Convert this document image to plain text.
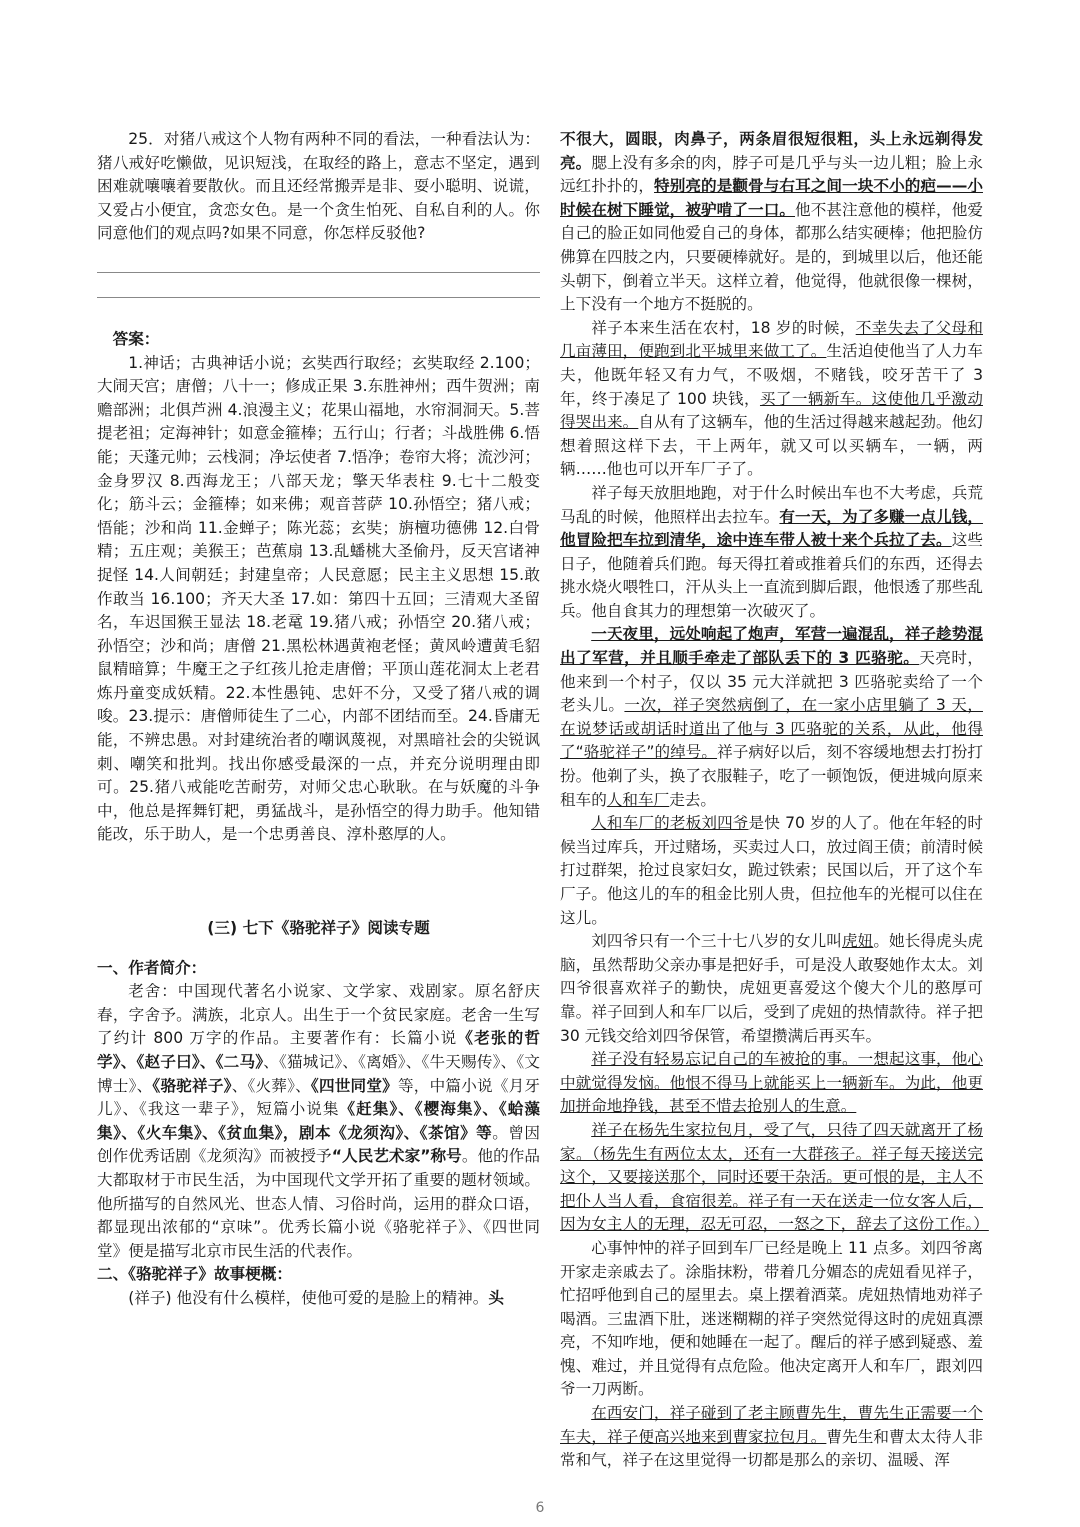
25．对猪八戒这个人物有两种不同的看法，一种看法认为：猪八戒好吃懒做，见识短浅，在取经的路上，意志不坚定，遇到困难就嚷嚷着要散伙。而且还经常搬弄是非、耍小聪明、说谎，又爱占小便宜，贪恋女色。是一个贪生怕死、自私自利的人。你同意他们的观点吗?如果不同意，你怎样反驳他?

答案：

1.神话；古典神话小说；玄奘西行取经；玄奘取经 2.100；大闹天宫；唐僧；八十一；修成正果 3.东胜神州；西牛贺洲；南赡部洲；北俱芦洲 4.浪漫主义；花果山福地，水帘洞洞天。5.菩提老祖；定海神针；如意金箍棒；五行山；行者；斗战胜佛 6.悟能；天蓬元帅；云栈洞；净坛使者 7.悟净；卷帘大将；流沙河；金身罗汉 8.西海龙王；八部天龙；擎天华表柱 9.七十二般变化；筋斗云；金箍棒；如来佛；观音菩萨 10.孙悟空；猪八戒；悟能；沙和尚 11.金蝉子；陈光蕊；玄奘；旃檀功德佛 12.白骨精；五庄观；美猴王；芭蕉扇 13.乱蟠桃大圣偷丹，反天宫诸神捉怪 14.人间朝廷；封建皇帝；人民意愿；民主主义思想 15.敢作敢当 16.100；齐天大圣 17.如：第四十五回；三清观大圣留名，车迟国猴王显法 18.老鼋 19.猪八戒；孙悟空 20.猪八戒；孙悟空；沙和尚；唐僧 21.黑松林遇黄袍老怪；黄风岭遭黄毛貂鼠精暗算；牛魔王之子红孩儿抢走唐僧；平顶山莲花洞太上老君炼丹童变成妖精。22.本性愚钝、忠奸不分，又受了猪八戒的调唆。23.提示：唐僧师徒生了二心，内部不团结而至。24.昏庸无能，不辨忠愚。对封建统治者的嘲讽蔑视，对黑暗社会的尖锐讽刺、嘲笑和批判。找出你感受最深的一点，并充分说明理由即可。25.猪八戒能吃苦耐劳，对师父忠心耿耿。在与妖魔的斗争中，他总是挥舞钉耙，勇猛战斗，是孙悟空的得力助手。他知错能改，乐于助人，是一个忠勇善良、淳朴憨厚的人。

(三) 七下《骆驼祥子》阅读专题

一、作者简介：

老舍：中国现代著名小说家、文学家、戏剧家。原名舒庆春，字舍予。满族，北京人。出生于一个贫民家庭。老舍一生写了约计 800 万字的作品。主要著作有：长篇小说《老张的哲学》、《赵子曰》、《二马》、《猫城记》、《离婚》、《牛天赐传》、《文博士》、《骆驼祥子》、《火葬》、《四世同堂》等，中篇小说《月牙儿》、《我这一辈子》，短篇小说集《赶集》、《樱海集》、《蛤藻集》、《火车集》、《贫血集》，剧本《龙须沟》、《茶馆》等。曾因创作优秀话剧《龙须沟》而被授予“人民艺术家”称号。他的作品大都取材于市民生活，为中国现代文学开拓了重要的题材领域。他所描写的自然风光、世态人情、习俗时尚，运用的群众口语，都显现出浓郁的“京味”。优秀长篇小说《骆驼祥子》、《四世同堂》便是描写北京市民生活的代表作。

二、《骆驼祥子》故事梗概：

(祥子) 他没有什么模样，使他可爱的是脸上的精神。头

不很大，圆眼，肉鼻子，两条眉很短很粗，头上永远剃得发亮。腮上没有多余的肉，脖子可是几乎与头一边儿粗；脸上永远红扑扑的，特别亮的是颧骨与右耳之间一块不小的疤——小时候在树下睡觉，被驴啃了一口。他不甚注意他的模样，他爱自己的脸正如同他爱自己的身体，都那么结实硬棒；他把脸仿佛算在四肢之内，只要硬棒就好。是的，到城里以后，他还能头朝下，倒着立半天。这样立着，他觉得，他就很像一棵树，上下没有一个地方不挺脱的。

祥子本来生活在农村，18 岁的时候，不幸失去了父母和几亩薄田，便跑到北平城里来做工了。生活迫使他当了人力车夫，他既年轻又有力气，不吸烟，不赌钱，咬牙苦干了 3 年，终于凑足了 100 块钱，买了一辆新车。这使他几乎激动得哭出来。自从有了这辆车，他的生活过得越来越起劲。他幻想着照这样下去，干上两年，就又可以买辆车，一辆，两辆……他也可以开车厂子了。

祥子每天放胆地跑，对于什么时候出车也不大考虑，兵荒马乱的时候，他照样出去拉车。有一天，为了多赚一点儿钱，他冒险把车拉到清华，途中连车带人被十来个兵拉了去。这些日子，他随着兵们跑。每天得扛着或推着兵们的东西，还得去挑水烧火喂牲口，汗从头上一直流到脚后跟，他恨透了那些乱兵。他自食其力的理想第一次破灭了。

一天夜里，远处响起了炮声，军营一遍混乱，祥子趁势混出了军营，并且顺手牵走了部队丢下的 3 匹骆驼。天亮时，他来到一个村子，仅以 35 元大洋就把 3 匹骆驼卖给了一个老头儿。一次，祥子突然病倒了，在一家小店里躺了 3 天，在说梦话或胡话时道出了他与 3 匹骆驼的关系，从此，他得了“骆驼祥子”的绰号。祥子病好以后，刻不容缓地想去打扮打扮。他剃了头，换了衣服鞋子，吃了一顿饱饭，便进城向原来租车的人和车厂走去。

人和车厂的老板刘四爷是快 70 岁的人了。他在年轻的时候当过库兵，开过赌场，买卖过人口，放过阎王债；前清时候打过群架，抢过良家妇女，跪过铁索；民国以后，开了这个车厂子。他这儿的车的租金比别人贵，但拉他车的光棍可以住在这儿。

刘四爷只有一个三十七八岁的女儿叫虎妞。她长得虎头虎脑，虽然帮助父亲办事是把好手，可是没人敢娶她作太太。刘四爷很喜欢祥子的勤快，虎妞更喜爱这个傻大个儿的憨厚可靠。祥子回到人和车厂以后，受到了虎妞的热情款待。祥子把 30 元钱交给刘四爷保管，希望攒满后再买车。

祥子没有轻易忘记自己的车被抢的事。一想起这事，他心中就觉得发恼。他恨不得马上就能买上一辆新车。为此，他更加拼命地挣钱，甚至不惜去抢别人的生意。

祥子在杨先生家拉包月，受了气，只待了四天就离开了杨家。（杨先生有两位太太，还有一大群孩子。祥子每天接送完这个，又要接送那个，同时还要干杂活。更可恨的是，主人不把仆人当人看，食宿很差。祥子有一天在送走一位女客人后，因为女主人的无理，忍无可忍，一怒之下，辞去了这份工作。）

心事忡忡的祥子回到车厂已经是晚上 11 点多。刘四爷离开家走亲戚去了。涂脂抹粉，带着几分媚态的虎妞看见祥子，忙招呼他到自己的屋里去。桌上摆着酒菜。虎妞热情地劝祥子喝酒。三盅酒下肚，迷迷糊糊的祥子突然觉得这时的虎妞真漂亮，不知咋地，便和她睡在一起了。醒后的祥子感到疑惑、羞愧、难过，并且觉得有点危险。他决定离开人和车厂，跟刘四爷一刀两断。

在西安门，祥子碰到了老主顾曹先生，曹先生正需要一个车夫，祥子便高兴地来到曹家拉包月。曹先生和曹太太待人非常和气，祥子在这里觉得一切都是那么的亲切、温暖、浑

6
